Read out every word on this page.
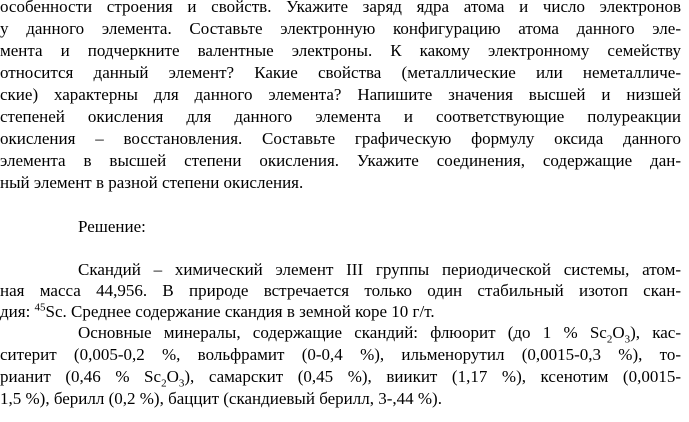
особенности строения и свойств. Укажите заряд ядра атома и число электронов
у данного элемента. Составьте электронную конфигурацию атома данного эле-
мента и подчеркните валентные электроны. К какому электронному семейству
относится данный элемент? Какие свойства (металлические или неметалличе-
ские) характерны для данного элемента? Напишите значения высшей и низшей
степеней окисления для данного элемента и соответствующие полуреакции
окисления – восстановления. Составьте графическую формулу оксида данного
элемента в высшей степени окисления. Укажите соединения, содержащие дан-
ный элемент в разной степени окисления.
Решение:
Скандий – химический элемент III группы периодической системы, атом-
ная масса 44,956. В природе встречается только один стабильный изотоп скан-
дия: $^{45}$Sc. Среднее содержание скандия в земной коре 10 г/т.
Основные минералы, содержащие скандий: флюорит (до 1 % $Sc_2O_3$), кас-
ситерит (0,005-0,2 %, вольфрамит (0-0,4 %), ильменорутил (0,0015-0,3 %), то-
рианит (0,46 % $Sc_2O_3$), самарскит (0,45 %), виикит (1,17 %), ксенотим (0,0015-
1,5 %), берилл (0,2 %), баццит (скандиевый берилл, 3-,44 %).
